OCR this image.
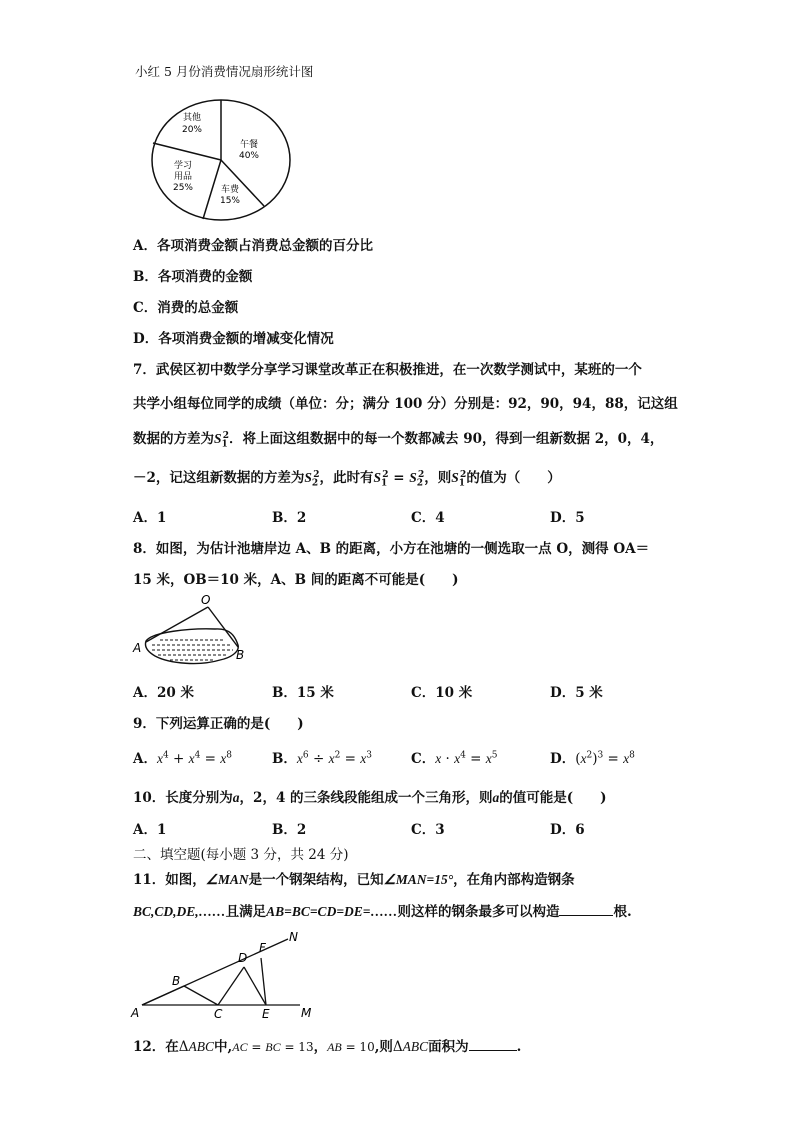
小红 5 月份消费情况扇形统计图
午餐
40%
车费
15%
学习
用品
25%
其他
20%
A．各项消费金额占消费总金额的百分比
B．各项消费的金额
C．消费的总金额
D．各项消费金额的增减变化情况
7．武侯区初中数学分享学习课堂改革正在积极推进，在一次数学测试中，某班的一个
共学小组每位同学的成绩（单位：分；满分 100 分）分别是：92，90，94，88，记这组
数据的方差为$S_1^2$．将上面这组数据中的每一个数都减去 90，得到一组新数据 2，0，4，
－2，记这组新数据的方差为$S_2^2$，此时有$S_1^2 = S_2^2$，则$S_1^2$的值为（　　）
A．1	B．2	C．4	D．5
8．如图，为估计池塘岸边 A、B 的距离，小方在池塘的一侧选取一点 O，测得 OA＝
15 米，OB＝10 米，A、B 间的距离不可能是(　　)
O
A	B
A．20 米	B．15 米	C．10 米	D．5 米
9．下列运算正确的是(　　)
A．$x^4 + x^4 = x^8$	B．$x^6 \div x^2 = x^3$	C．$x \cdot x^4 = x^5$	D．$(x^2)^3 = x^8$
10．长度分别为a，2，4 的三条线段能组成一个三角形，则a的值可能是(　　)
A．1	B．2	C．3	D．6
二、填空题(每小题 3 分，共 24 分)
11．如图，∠MAN是一个钢架结构，已知∠MAN=15°，在角内部构造钢条
BC,CD,DE,……且满足AB=BC=CD=DE=……则这样的钢条最多可以构造	根.
A
B
C
D
E
F
M
N
12．在ΔABC中,AC = BC = 13，AB = 10,则ΔABC面积为	.
